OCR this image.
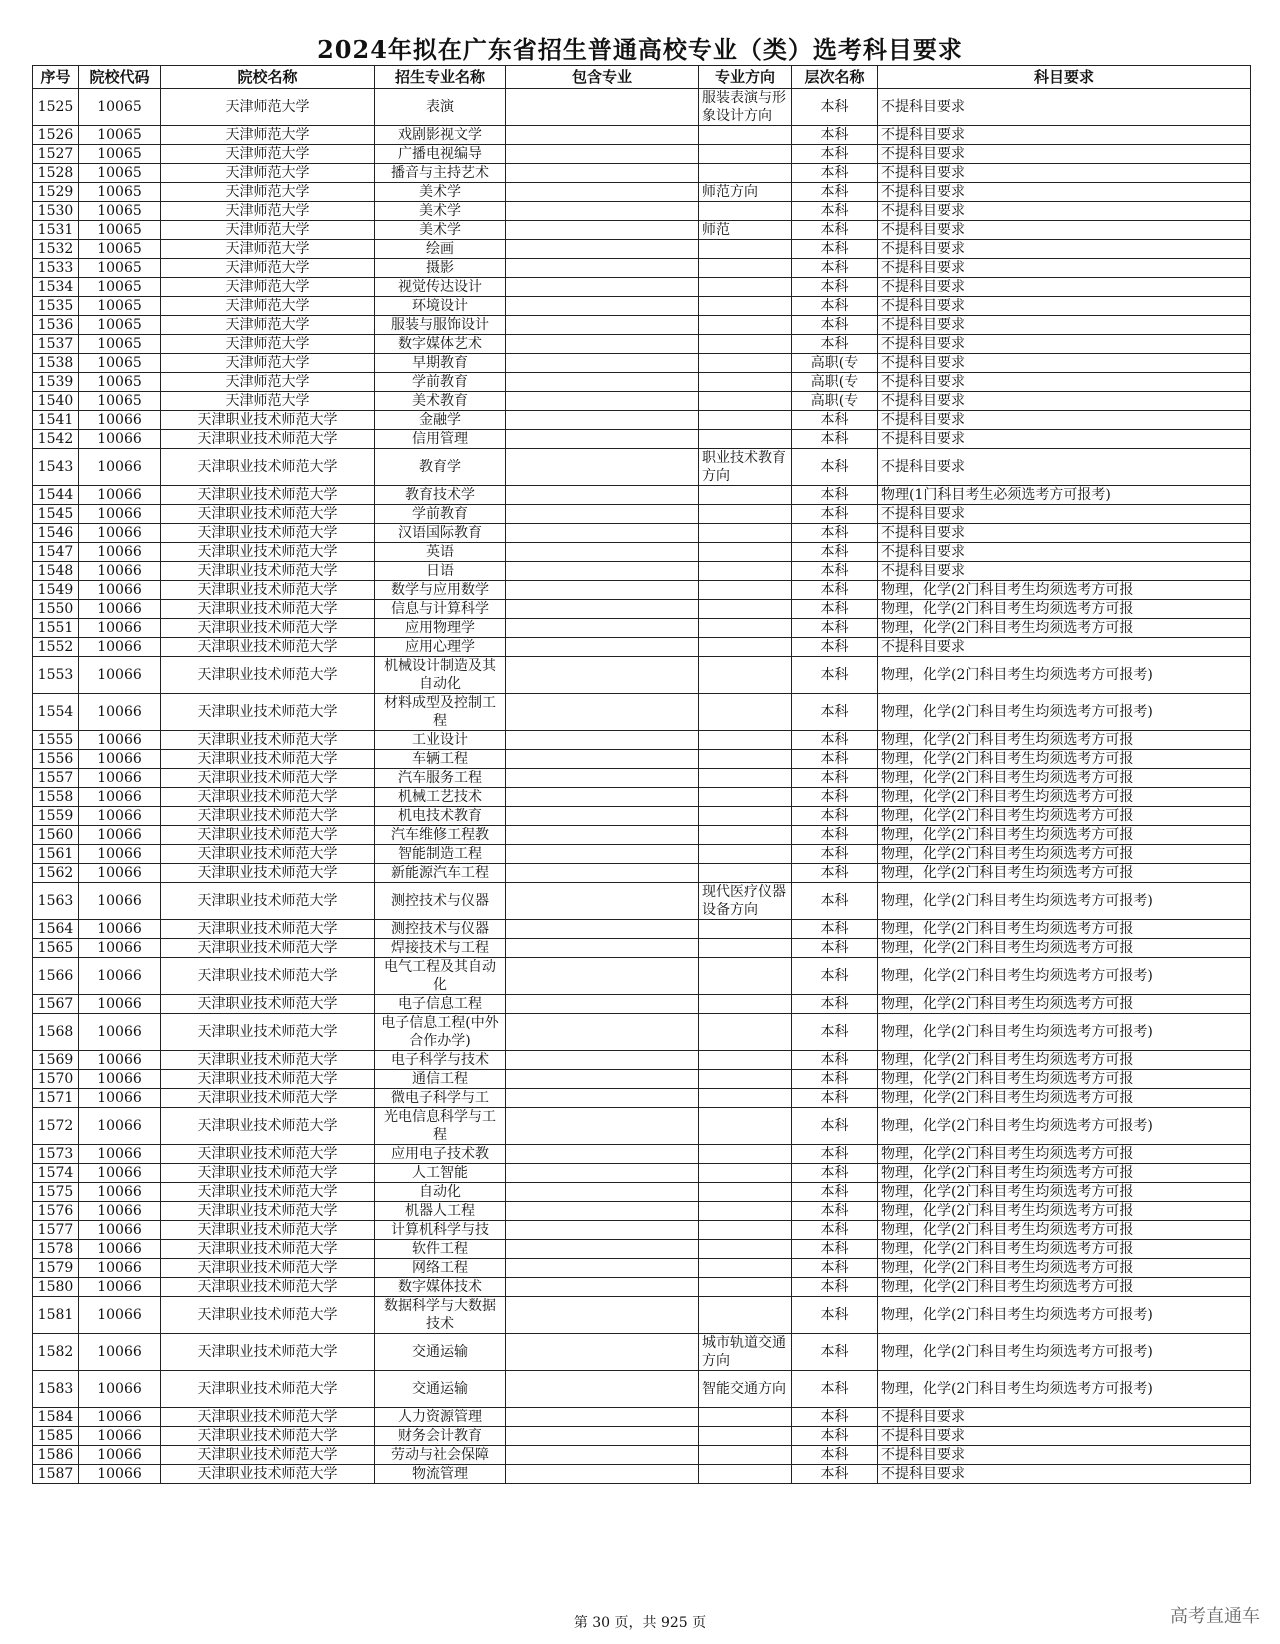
2024年拟在广东省招生普通高校专业（类）选考科目要求
序号	院校代码	院校名称	招生专业名称	包含专业	专业方向	层次名称	科目要求
1525	10065	天津师范大学	表演		服装表演与形象设计方向	本科	不提科目要求
1526	10065	天津师范大学	戏剧影视文学			本科	不提科目要求
1527	10065	天津师范大学	广播电视编导			本科	不提科目要求
1528	10065	天津师范大学	播音与主持艺术			本科	不提科目要求
1529	10065	天津师范大学	美术学		师范方向	本科	不提科目要求
1530	10065	天津师范大学	美术学			本科	不提科目要求
1531	10065	天津师范大学	美术学		师范	本科	不提科目要求
1532	10065	天津师范大学	绘画			本科	不提科目要求
1533	10065	天津师范大学	摄影			本科	不提科目要求
1534	10065	天津师范大学	视觉传达设计			本科	不提科目要求
1535	10065	天津师范大学	环境设计			本科	不提科目要求
1536	10065	天津师范大学	服装与服饰设计			本科	不提科目要求
1537	10065	天津师范大学	数字媒体艺术			本科	不提科目要求
1538	10065	天津师范大学	早期教育			高职(专	不提科目要求
1539	10065	天津师范大学	学前教育			高职(专	不提科目要求
1540	10065	天津师范大学	美术教育			高职(专	不提科目要求
1541	10066	天津职业技术师范大学	金融学			本科	不提科目要求
1542	10066	天津职业技术师范大学	信用管理			本科	不提科目要求
1543	10066	天津职业技术师范大学	教育学		职业技术教育方向	本科	不提科目要求
1544	10066	天津职业技术师范大学	教育技术学			本科	物理(1门科目考生必须选考方可报考)
1545	10066	天津职业技术师范大学	学前教育			本科	不提科目要求
1546	10066	天津职业技术师范大学	汉语国际教育			本科	不提科目要求
1547	10066	天津职业技术师范大学	英语			本科	不提科目要求
1548	10066	天津职业技术师范大学	日语			本科	不提科目要求
1549	10066	天津职业技术师范大学	数学与应用数学			本科	物理，化学(2门科目考生均须选考方可报
1550	10066	天津职业技术师范大学	信息与计算科学			本科	物理，化学(2门科目考生均须选考方可报
1551	10066	天津职业技术师范大学	应用物理学			本科	物理，化学(2门科目考生均须选考方可报
1552	10066	天津职业技术师范大学	应用心理学			本科	不提科目要求
1553	10066	天津职业技术师范大学	机械设计制造及其自动化			本科	物理，化学(2门科目考生均须选考方可报考)
1554	10066	天津职业技术师范大学	材料成型及控制工程			本科	物理，化学(2门科目考生均须选考方可报考)
1555	10066	天津职业技术师范大学	工业设计			本科	物理，化学(2门科目考生均须选考方可报
1556	10066	天津职业技术师范大学	车辆工程			本科	物理，化学(2门科目考生均须选考方可报
1557	10066	天津职业技术师范大学	汽车服务工程			本科	物理，化学(2门科目考生均须选考方可报
1558	10066	天津职业技术师范大学	机械工艺技术			本科	物理，化学(2门科目考生均须选考方可报
1559	10066	天津职业技术师范大学	机电技术教育			本科	物理，化学(2门科目考生均须选考方可报
1560	10066	天津职业技术师范大学	汽车维修工程教			本科	物理，化学(2门科目考生均须选考方可报
1561	10066	天津职业技术师范大学	智能制造工程			本科	物理，化学(2门科目考生均须选考方可报
1562	10066	天津职业技术师范大学	新能源汽车工程			本科	物理，化学(2门科目考生均须选考方可报
1563	10066	天津职业技术师范大学	测控技术与仪器		现代医疗仪器设备方向	本科	物理，化学(2门科目考生均须选考方可报考)
1564	10066	天津职业技术师范大学	测控技术与仪器			本科	物理，化学(2门科目考生均须选考方可报
1565	10066	天津职业技术师范大学	焊接技术与工程			本科	物理，化学(2门科目考生均须选考方可报
1566	10066	天津职业技术师范大学	电气工程及其自动化			本科	物理，化学(2门科目考生均须选考方可报考)
1567	10066	天津职业技术师范大学	电子信息工程			本科	物理，化学(2门科目考生均须选考方可报
1568	10066	天津职业技术师范大学	电子信息工程(中外合作办学)			本科	物理，化学(2门科目考生均须选考方可报考)
1569	10066	天津职业技术师范大学	电子科学与技术			本科	物理，化学(2门科目考生均须选考方可报
1570	10066	天津职业技术师范大学	通信工程			本科	物理，化学(2门科目考生均须选考方可报
1571	10066	天津职业技术师范大学	微电子科学与工			本科	物理，化学(2门科目考生均须选考方可报
1572	10066	天津职业技术师范大学	光电信息科学与工程			本科	物理，化学(2门科目考生均须选考方可报考)
1573	10066	天津职业技术师范大学	应用电子技术教			本科	物理，化学(2门科目考生均须选考方可报
1574	10066	天津职业技术师范大学	人工智能			本科	物理，化学(2门科目考生均须选考方可报
1575	10066	天津职业技术师范大学	自动化			本科	物理，化学(2门科目考生均须选考方可报
1576	10066	天津职业技术师范大学	机器人工程			本科	物理，化学(2门科目考生均须选考方可报
1577	10066	天津职业技术师范大学	计算机科学与技			本科	物理，化学(2门科目考生均须选考方可报
1578	10066	天津职业技术师范大学	软件工程			本科	物理，化学(2门科目考生均须选考方可报
1579	10066	天津职业技术师范大学	网络工程			本科	物理，化学(2门科目考生均须选考方可报
1580	10066	天津职业技术师范大学	数字媒体技术			本科	物理，化学(2门科目考生均须选考方可报
1581	10066	天津职业技术师范大学	数据科学与大数据技术			本科	物理，化学(2门科目考生均须选考方可报考)
1582	10066	天津职业技术师范大学	交通运输		城市轨道交通方向	本科	物理，化学(2门科目考生均须选考方可报考)
1583	10066	天津职业技术师范大学	交通运输		智能交通方向	本科	物理，化学(2门科目考生均须选考方可报考)
1584	10066	天津职业技术师范大学	人力资源管理			本科	不提科目要求
1585	10066	天津职业技术师范大学	财务会计教育			本科	不提科目要求
1586	10066	天津职业技术师范大学	劳动与社会保障			本科	不提科目要求
1587	10066	天津职业技术师范大学	物流管理			本科	不提科目要求
第 30 页，共 925 页	高考直通车
